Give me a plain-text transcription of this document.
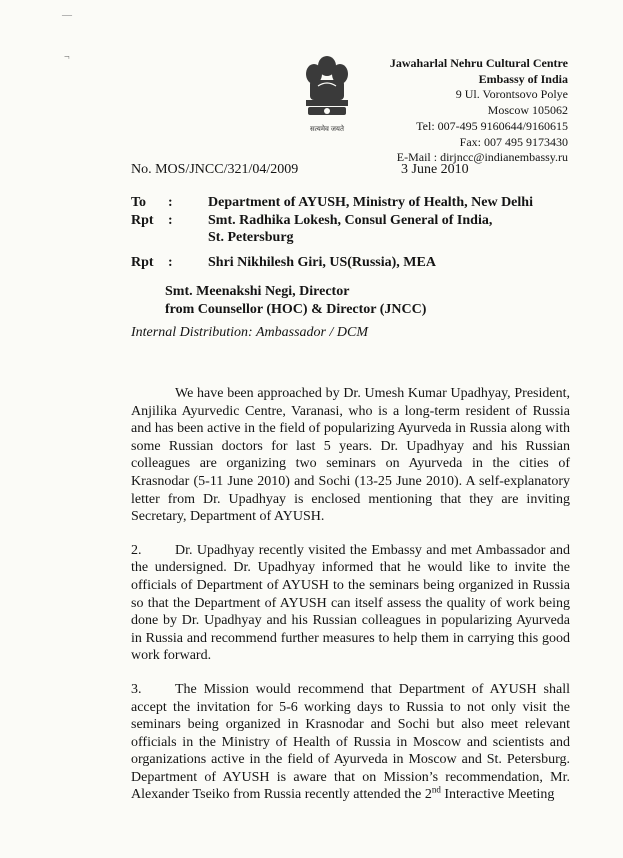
—
¬
सत्यमेव जयते
Jawaharlal Nehru Cultural Centre
Embassy of India
9 Ul. Vorontsovo Polye
Moscow 105062
Tel: 007-495 9160644/9160615
Fax: 007 495 9173430
E-Mail : dirjncc@indianembassy.ru
No. MOS/JNCC/321/04/2009	3 June 2010
To :	Department of AYUSH, Ministry of Health, New Delhi
Rpt :	Smt. Radhika Lokesh, Consul General of India,
St. Petersburg
Rpt :	Shri Nikhilesh Giri, US(Russia), MEA
Smt. Meenakshi Negi, Director
from Counsellor (HOC) & Director (JNCC)
Internal Distribution: Ambassador / DCM

We have been approached by Dr. Umesh Kumar Upadhyay, President, Anjilika Ayurvedic Centre, Varanasi, who is a long-term resident of Russia and has been active in the field of popularizing Ayurveda in Russia along with some Russian doctors for last 5 years. Dr. Upadhyay and his Russian colleagues are organizing two seminars on Ayurveda in the cities of Krasnodar (5-11 June 2010) and Sochi (13-25 June 2010). A self-explanatory letter from Dr. Upadhyay is enclosed mentioning that they are inviting Secretary, Department of AYUSH.

2. Dr. Upadhyay recently visited the Embassy and met Ambassador and the undersigned. Dr. Upadhyay informed that he would like to invite the officials of Department of AYUSH to the seminars being organized in Russia so that the Department of AYUSH can itself assess the quality of work being done by Dr. Upadhyay and his Russian colleagues in popularizing Ayurveda in Russia and recommend further measures to help them in carrying this good work forward.

3. The Mission would recommend that Department of AYUSH shall accept the invitation for 5-6 working days to Russia to not only visit the seminars being organized in Krasnodar and Sochi but also meet relevant officials in the Ministry of Health of Russia in Moscow and scientists and organizations active in the field of Ayurveda in Moscow and St. Petersburg. Department of AYUSH is aware that on Mission’s recommendation, Mr. Alexander Tseiko from Russia recently attended the 2nd Interactive Meeting
